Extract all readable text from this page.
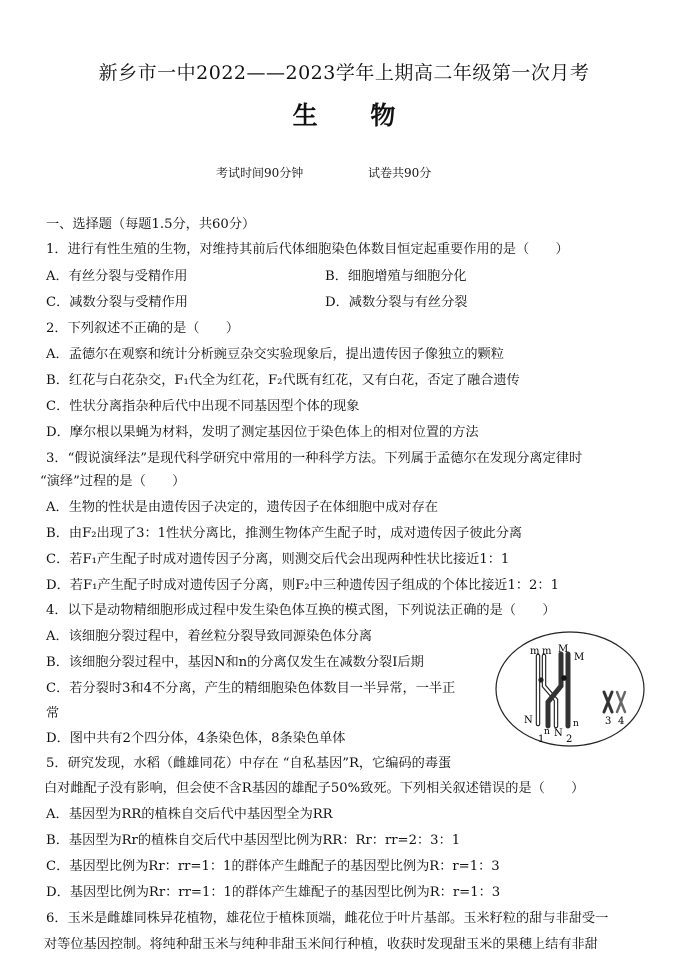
新乡市一中2022——2023学年上期高二年级第一次月考
生 物
考试时间90分钟	试卷共90分
一、选择题（每题1.5分，共60分）
1．进行有性生殖的生物，对维持其前后代体细胞染色体数目恒定起重要作用的是（　　）
A．有丝分裂与受精作用	B．细胞增殖与细胞分化
C．减数分裂与受精作用	D．减数分裂与有丝分裂
2．下列叙述不正确的是（　　）
A．孟德尔在观察和统计分析豌豆杂交实验现象后，提出遗传因子像独立的颗粒
B．红花与白花杂交，F₁代全为红花，F₂代既有红花，又有白花，否定了融合遗传
C．性状分离指杂种后代中出现不同基因型个体的现象
D．摩尔根以果蝇为材料，发明了测定基因位于染色体上的相对位置的方法
3．“假说演绎法”是现代科学研究中常用的一种科学方法。下列属于孟德尔在发现分离定律时
“演绎”过程的是（　　）
A．生物的性状是由遗传因子决定的，遗传因子在体细胞中成对存在
B．由F₂出现了3：1性状分离比，推测生物体产生配子时，成对遗传因子彼此分离
C．若F₁产生配子时成对遗传因子分离，则测交后代会出现两种性状比接近1：1
D．若F₁产生配子时成对遗传因子分离，则F₂中三种遗传因子组成的个体比接近1：2：1
4．以下是动物精细胞形成过程中发生染色体互换的模式图，下列说法正确的是（　　）
A．该细胞分裂过程中，着丝粒分裂导致同源染色体分离
B．该细胞分裂过程中，基因N和n的分离仅发生在减数分裂Ⅰ后期
C．若分裂时3和4不分离，产生的精细胞染色体数目一半异常，一半正
常
D．图中共有2个四分体，4条染色体，8条染色单体
m m M
M
N
n N
n
1 2
3 4
5．研究发现，水稻（雌雄同花）中存在 “自私基因”R，它编码的毒蛋
白对雌配子没有影响，但会使不含R基因的雄配子50%致死。下列相关叙述错误的是（　　）
A．基因型为RR的植株自交后代中基因型全为RR
B．基因型为Rr的植株自交后代中基因型比例为RR：Rr：rr=2：3：1
C．基因型比例为Rr：rr=1：1的群体产生雌配子的基因型比例为R：r=1：3
D．基因型比例为Rr：rr=1：1的群体产生雄配子的基因型比例为R：r=1：3
6．玉米是雌雄同株异花植物，雄花位于植株顶端，雌花位于叶片基部。玉米籽粒的甜与非甜受一
对等位基因控制。将纯种甜玉米与纯种非甜玉米间行种植，收获时发现甜玉米的果穗上结有非甜
